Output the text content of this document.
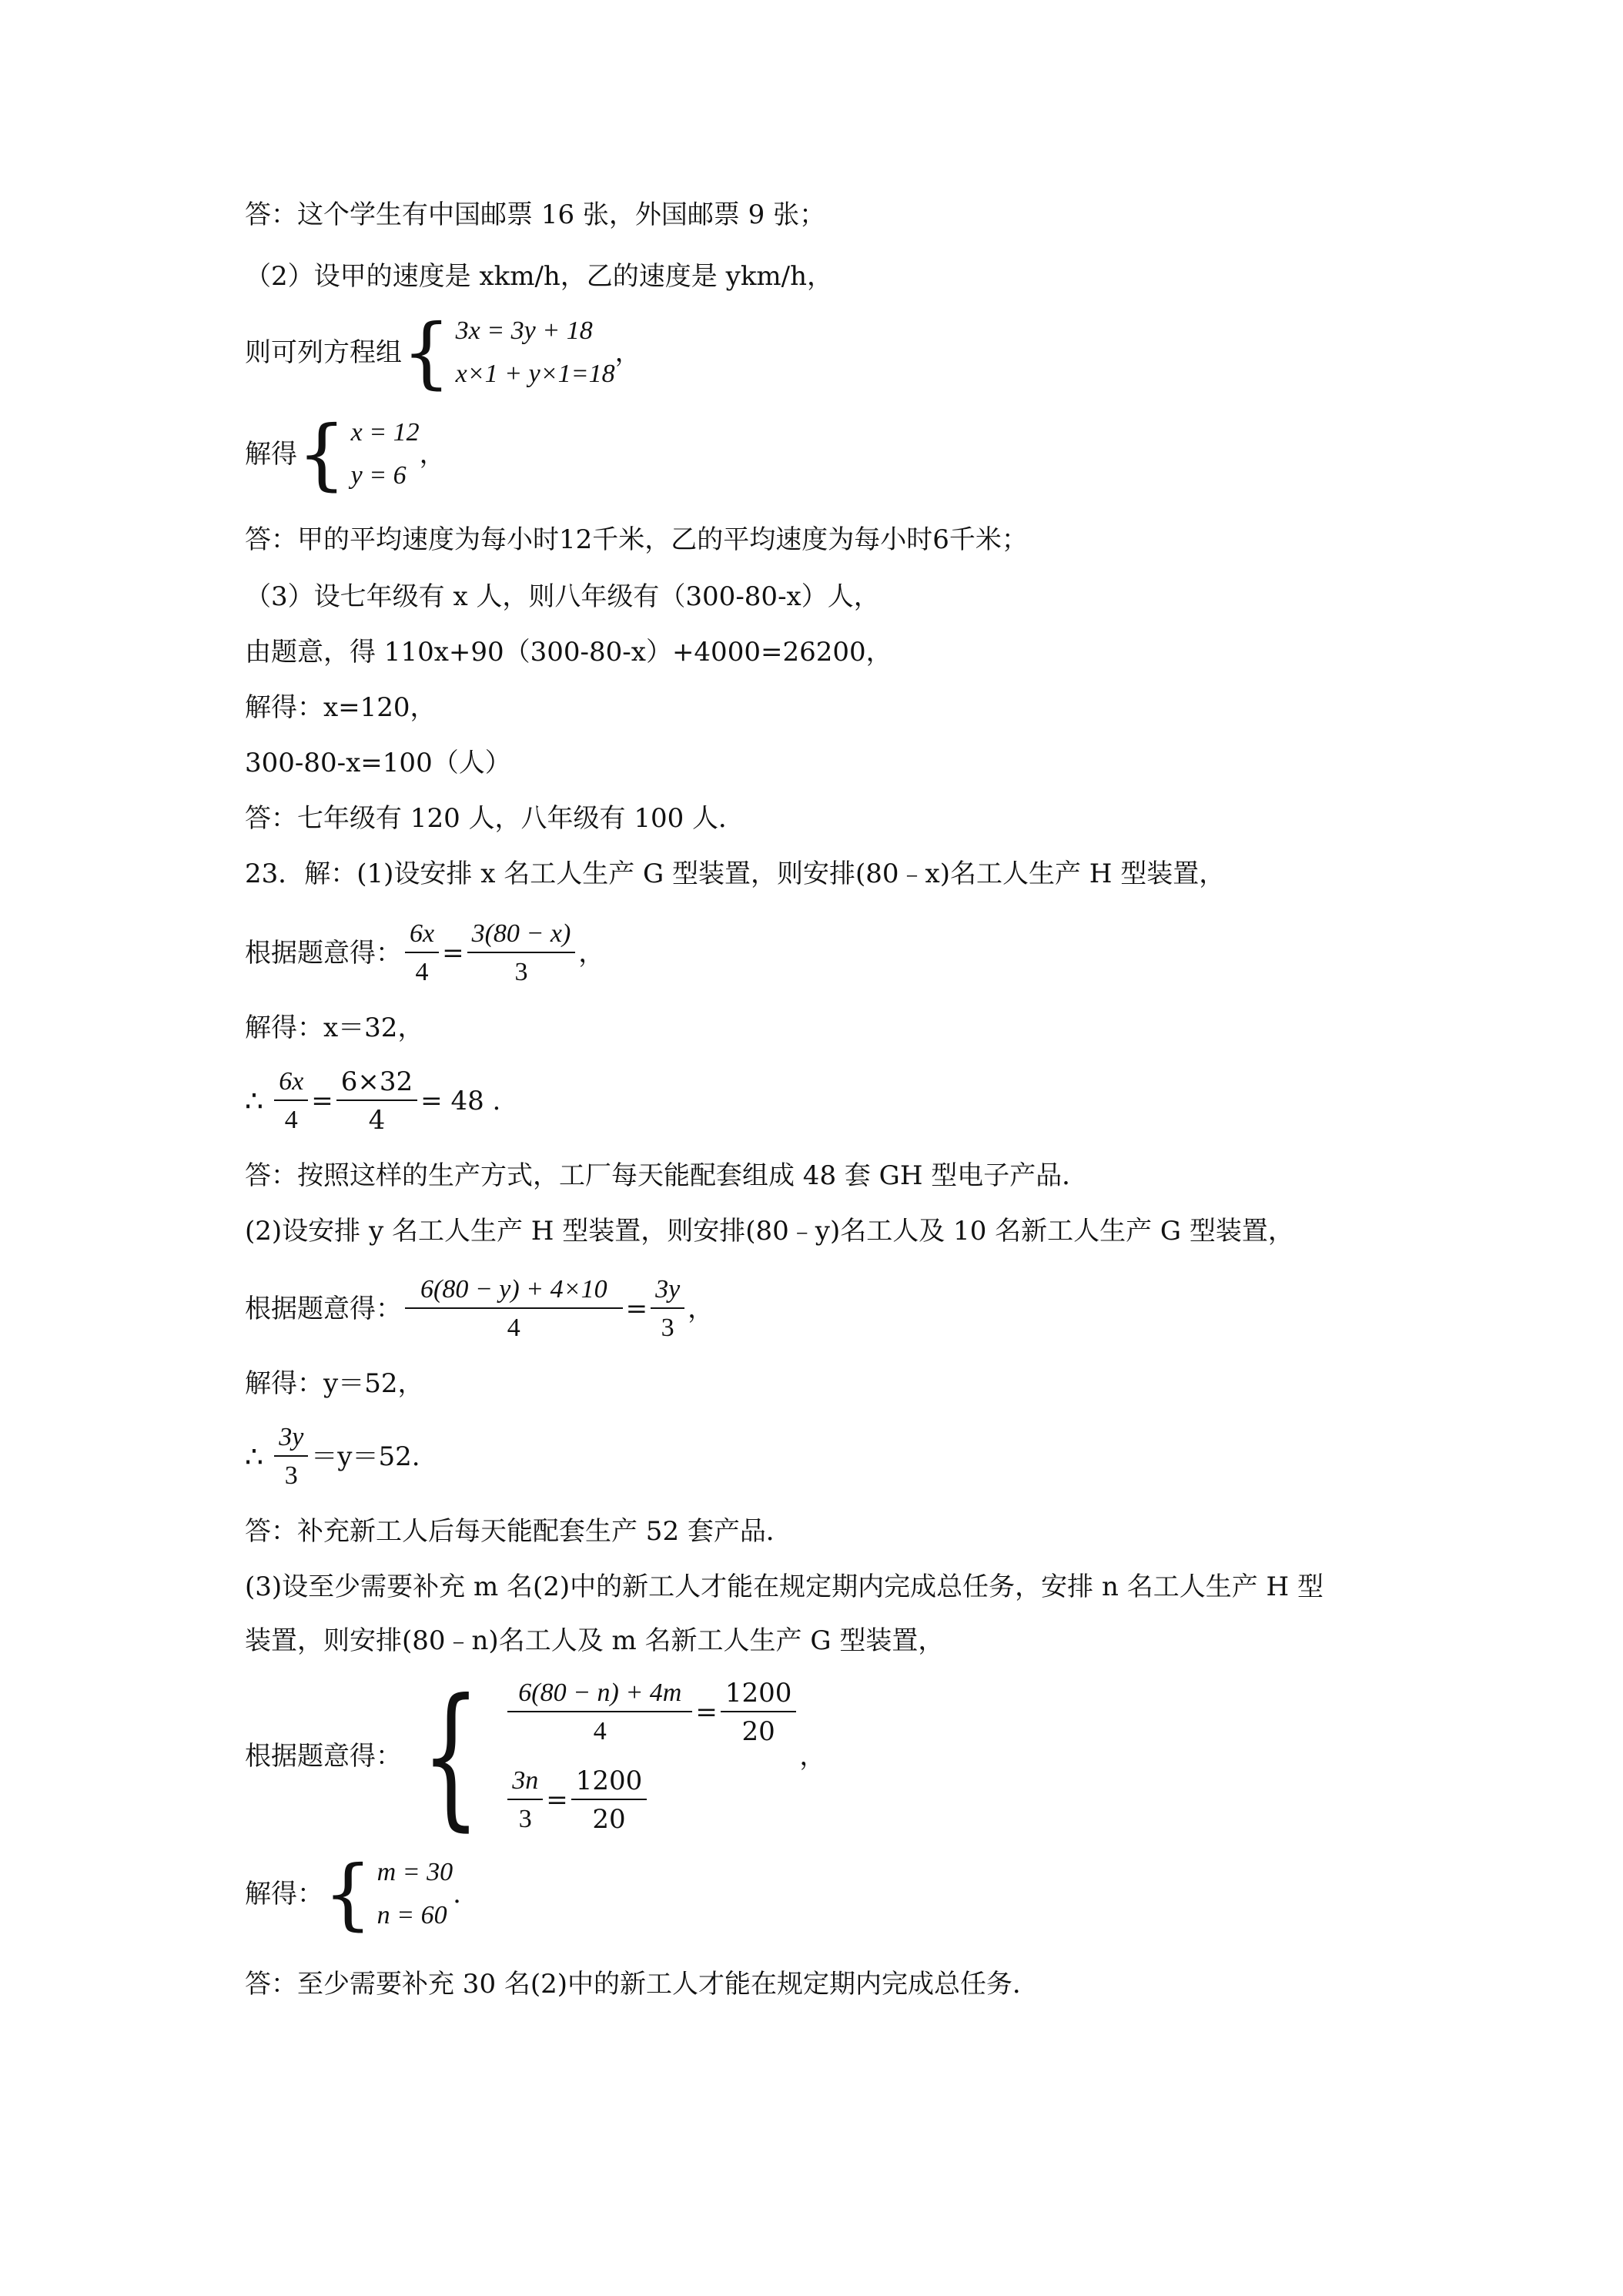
答：这个学生有中国邮票 16 张，外国邮票 9 张；
（2）设甲的速度是 xkm/h，乙的速度是 ykm/h，
则可列方程组 { 3x = 3y + 18
x×1 + y×1=18
，
解得 { x = 12
y = 6
，
答：甲的平均速度为每小时12千米，乙的平均速度为每小时6千米；
（3）设七年级有 x 人，则八年级有（300-80-x）人，
由题意，得 110x+90（300-80-x）+4000=26200，
解得：x=120，
300-80-x=100（人）
答：七年级有 120 人，八年级有 100 人．
23．解：(1)设安排 x 名工人生产 G 型装置，则安排(80﹣x)名工人生产 H 型装置，
根据题意得： $\frac{6x}{4} = \frac{3(80 - x)}{3}$ ，
解得：x＝32，
∴ $\frac{6x}{4} = \frac{6\times 32}{4} = 48$ .
答：按照这样的生产方式，工厂每天能配套组成 48 套 GH 型电子产品．
(2)设安排 y 名工人生产 H 型装置，则安排(80﹣y)名工人及 10 名新工人生产 G 型装置，
根据题意得： $\frac{6(80 - y) + 4\times 10}{4} = \frac{3y}{3}$ ，
解得：y＝52，
∴ $\frac{3y}{3} =y=52$.
答：补充新工人后每天能配套生产 52 套产品．
(3)设至少需要补充 m 名(2)中的新工人才能在规定期内完成总任务，安排 n 名工人生产 H 型
装置，则安排(80﹣n)名工人及 m 名新工人生产 G 型装置，
根据题意得： { $\frac{6(80 - n) + 4m}{4} = \frac{1200}{20}$
$\frac{3n}{3} = \frac{1200}{20}$
，
解得： { m = 30
n = 60
.
答：至少需要补充 30 名(2)中的新工人才能在规定期内完成总任务．
